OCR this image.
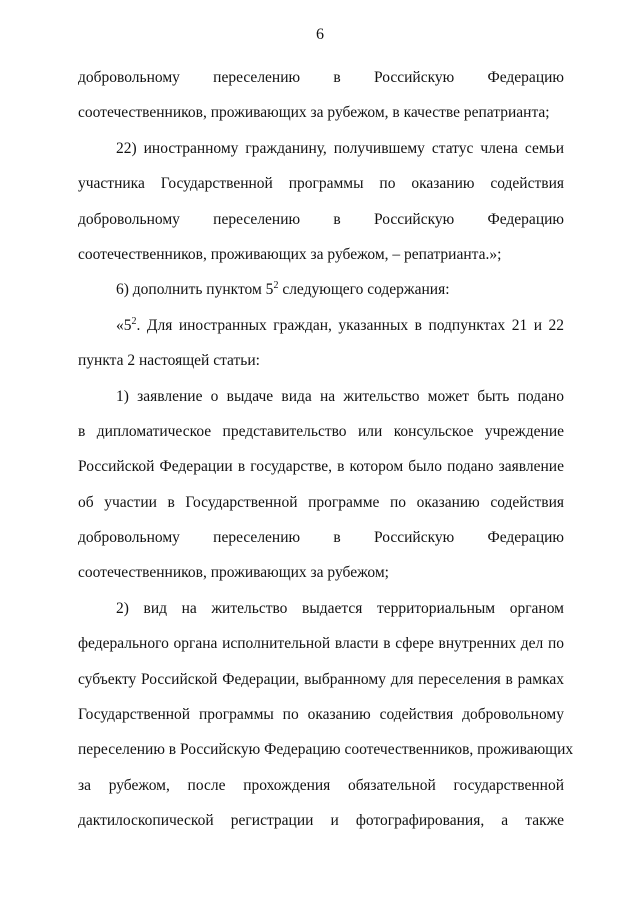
6
добровольному переселению в Российскую Федерацию
соотечественников, проживающих за рубежом, в качестве репатрианта;
22) иностранному гражданину, получившему статус члена семьи
участника Государственной программы по оказанию содействия
добровольному переселению в Российскую Федерацию
соотечественников, проживающих за рубежом, – репатрианта.»;
6) дополнить пунктом $5^2$ следующего содержания:
«$5^2$. Для иностранных граждан, указанных в подпунктах 21 и 22
пункта 2 настоящей статьи:
1) заявление о выдаче вида на жительство может быть подано
в дипломатическое представительство или консульское учреждение
Российской Федерации в государстве, в котором было подано заявление
об участии в Государственной программе по оказанию содействия
добровольному переселению в Российскую Федерацию
соотечественников, проживающих за рубежом;
2) вид на жительство выдается территориальным органом
федерального органа исполнительной власти в сфере внутренних дел по
субъекту Российской Федерации, выбранному для переселения в рамках
Государственной программы по оказанию содействия добровольному
переселению в Российскую Федерацию соотечественников, проживающих
за рубежом, после прохождения обязательной государственной
дактилоскопической регистрации и фотографирования, а также
